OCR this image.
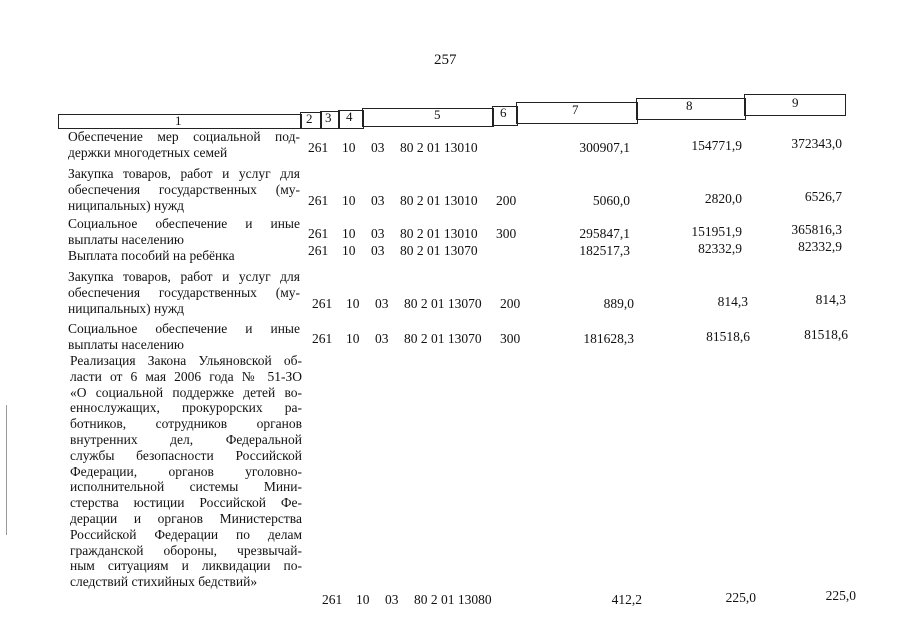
257
1	2 3 4	5	6	7	8	9
Обеспечение мер социальной под-
держки многодетных семей	261 10 03 80 2 01 13010	300907,1	154771,9	372343,0
Закупка товаров, работ и услуг для
обеспечения государственных (му-
ниципальных) нужд	261 10 03 80 2 01 13010 200	5060,0	2820,0	6526,7
Социальное обеспечение и иные
выплаты населению	261 10 03 80 2 01 13010 300	295847,1	151951,9	365816,3
Выплата пособий на ребёнка	261 10 03 80 2 01 13070	182517,3	82332,9	82332,9
Закупка товаров, работ и услуг для
обеспечения государственных (му-
ниципальных) нужд	261 10 03 80 2 01 13070 200	889,0	814,3	814,3
Социальное обеспечение и иные
выплаты населению	261 10 03 80 2 01 13070 300	181628,3	81518,6	81518,6
Реализация Закона Ульяновской об-
ласти от 6 мая 2006 года № 51-ЗО
«О социальной поддержке детей во-
еннослужащих, прокурорских ра-
ботников, сотрудников органов
внутренних дел, Федеральной
службы безопасности Российской
Федерации, органов уголовно-
исполнительной системы Мини-
стерства юстиции Российской Фе-
дерации и органов Министерства
Российской Федерации по делам
гражданской обороны, чрезвычай-
ным ситуациям и ликвидации по-
следствий стихийных бедствий»
261 10 03 80 2 01 13080	412,2	225,0	225,0
